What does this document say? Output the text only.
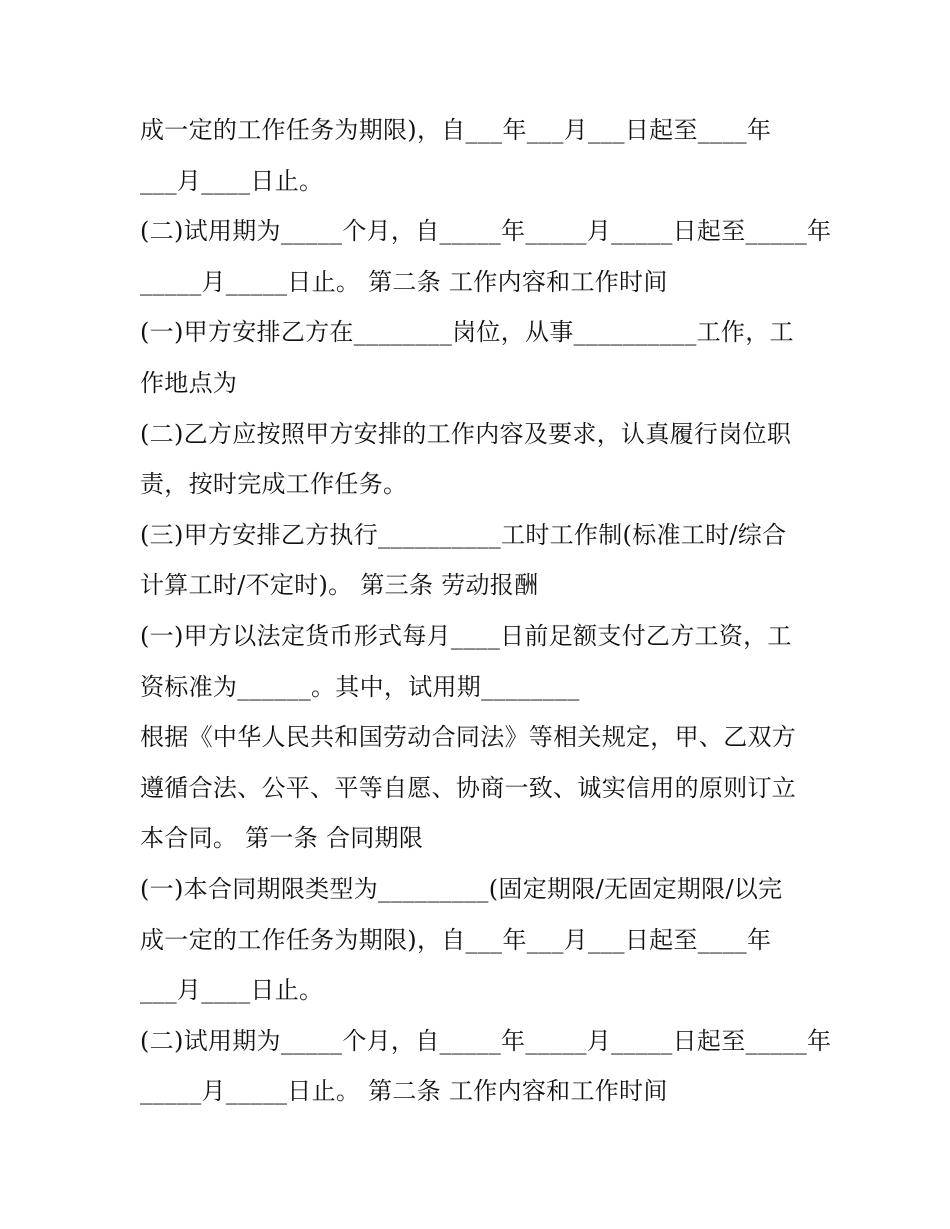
成一定的工作任务为期限)，自___年___月___日起至____年
___月____日止。
(二)试用期为_____个月，自_____年_____月_____日起至_____年
_____月_____日止。 第二条 工作内容和工作时间
(一)甲方安排乙方在________岗位，从事__________工作，工
作地点为
(二)乙方应按照甲方安排的工作内容及要求，认真履行岗位职
责，按时完成工作任务。
(三)甲方安排乙方执行__________工时工作制(标准工时/综合
计算工时/不定时)。 第三条 劳动报酬
(一)甲方以法定货币形式每月____日前足额支付乙方工资，工
资标准为______。其中，试用期________
根据《中华人民共和国劳动合同法》等相关规定，甲、乙双方
遵循合法、公平、平等自愿、协商一致、诚实信用的原则订立
本合同。 第一条 合同期限
(一)本合同期限类型为_________(固定期限/无固定期限/以完
成一定的工作任务为期限)，自___年___月___日起至____年
___月____日止。
(二)试用期为_____个月，自_____年_____月_____日起至_____年
_____月_____日止。 第二条 工作内容和工作时间
